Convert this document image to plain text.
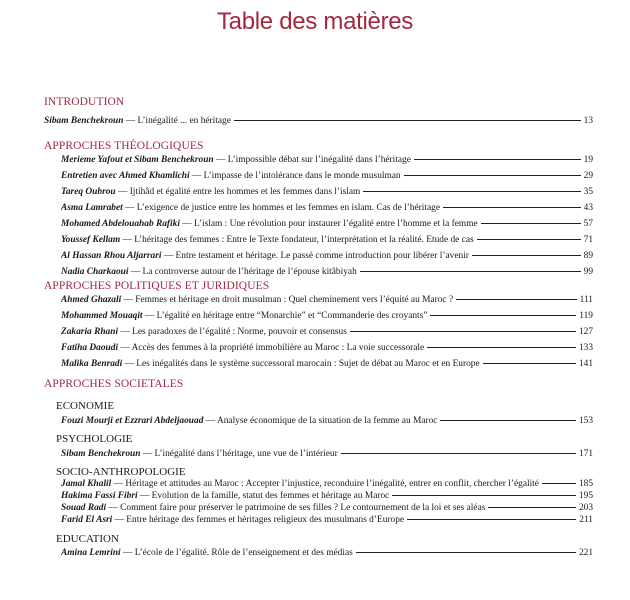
Table des matières
INTRODUTION
Sibam Benchekroun — L’inégalité ... en héritage	13
APPROCHES THÉOLOGIQUES
Merieme Yafout et Sibam Benchekroun — L’impossible débat sur l’inégalité dans l’héritage	19
Entretien avec Ahmed Khamlichi — L’impasse de l’intolérance dans le monde musulman	29
Tareq Oubrou — Ijtihâd et égalité entre les hommes et les femmes dans l’islam	35
Asma Lamrabet — L’exigence de justice entre les hommes et les femmes en islam. Cas de l’héritage	43
Mohamed Abdelouahab Rafiki — L’islam : Une révolution pour instaurer l’égalité entre l’homme et la femme	57
Youssef Kellam — L’héritage des femmes : Entre le Texte fondateur, l’interprétation et la réalité. Etude de cas	71
Al Hassan Rhou Aljarrari — Entre testament et héritage. Le passé comme introduction pour libérer l’avenir	89
Nadia Charkaoui — La controverse autour de l’héritage de l’épouse kitâbiyah	99
APPROCHES POLITIQUES ET JURIDIQUES
Ahmed Ghazali — Femmes et héritage en droit musulman : Quel cheminement vers l’équité au Maroc ?	111
Mohammed Mouaqit — L’égalité en héritage entre “Monarchie” et “Commanderie des croyants”	119
Zakaria Rhani — Les paradoxes de l’égalité : Norme, pouvoir et consensus	127
Fatiha Daoudi — Accès des femmes à la propriété immobilière au Maroc : La voie successorale	133
Malika Benradi — Les inégalités dans le système successoral marocain : Sujet de débat au Maroc et en Europe	141
APPROCHES SOCIETALES
ECONOMIE
Fouzi Mourji et Ezzrari Abdeljaouad — Analyse économique de la situation de la femme au Maroc	153
PSYCHOLOGIE
Sibam Benchekroun — L’inégalité dans l’héritage, une vue de l’intérieur	171
SOCIO-ANTHROPOLOGIE
Jamal Khalil — Héritage et attitudes au Maroc : Accepter l’injustice, reconduire l’inégalité, entrer en conflit, chercher l’égalité	185
Hakima Fassi Fibri — Evolution de la famille, statut des femmes et héritage au Maroc	195
Souad Radi — Comment faire pour préserver le patrimoine de ses filles ? Le contournement de la loi et ses aléas	203
Farid El Asri — Entre héritage des femmes et héritages religieux des musulmans d’Europe	211
EDUCATION
Amina Lemrini — L’école de l’égalité. Rôle de l’enseignement et des médias	221
